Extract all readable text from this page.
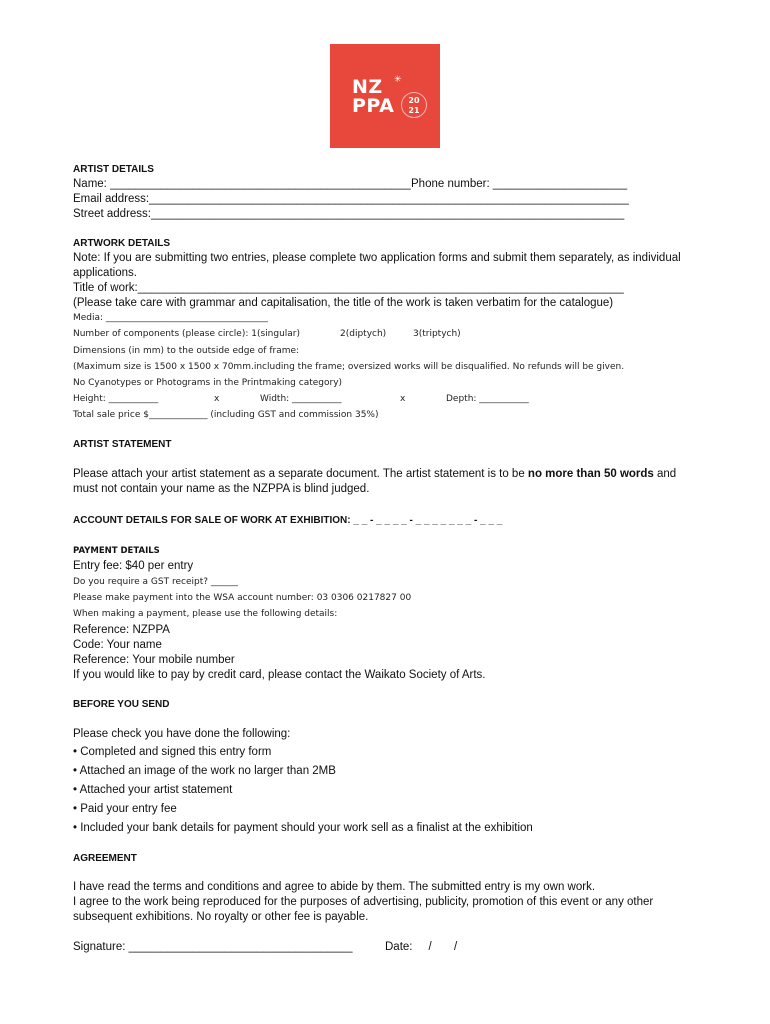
✳
NZ
PPA	20 21
ARTIST DETAILS
Name: _______________________________________________ Phone number: _____________________
Email address:___________________________________________________________________________
Street address:__________________________________________________________________________
ARTWORK DETAILS
Note: If you are submitting two entries, please complete two application forms and submit them separately, as individual
applications.
Title of work:____________________________________________________________________________
(Please take care with grammar and capitalisation, the title of the work is taken verbatim for the catalogue)
Media: ____________________________________
Number of components (please circle): 1(singular)	2(diptych)	3(triptych)
Dimensions (in mm) to the outside edge of frame:
(Maximum size is 1500 x 1500 x 70mm.including the frame; oversized works will be disqualified. No refunds will be given.
No Cyanotypes or Photograms in the Printmaking category)
Height: ___________	x	Width: ___________	x	Depth: ___________
Total sale price $_____________ (including GST and commission 35%)
ARTIST STATEMENT
Please attach your artist statement as a separate document. The artist statement is to be no more than 50 words and
must not contain your name as the NZPPA is blind judged.
ACCOUNT DETAILS FOR SALE OF WORK AT EXHIBITION: _ _ - _ _ _ _ - _ _ _ _ _ _ _ - _ _ _
PAYMENT DETAILS
Entry fee: $40 per entry
Do you require a GST receipt? ______
Please make payment into the WSA account number: 03 0306 0217827 00
When making a payment, please use the following details:
Reference: NZPPA
Code: Your name
Reference: Your mobile number
If you would like to pay by credit card, please contact the Waikato Society of Arts.
BEFORE YOU SEND
Please check you have done the following:
• Completed and signed this entry form
• Attached an image of the work no larger than 2MB
• Attached your artist statement
• Paid your entry fee
• Included your bank details for payment should your work sell as a finalist at the exhibition
AGREEMENT
I have read the terms and conditions and agree to abide by them. The submitted entry is my own work.
I agree to the work being reproduced for the purposes of advertising, publicity, promotion of this event or any other
subsequent exhibitions. No royalty or other fee is payable.
Signature: ___________________________________	Date:     /       /
